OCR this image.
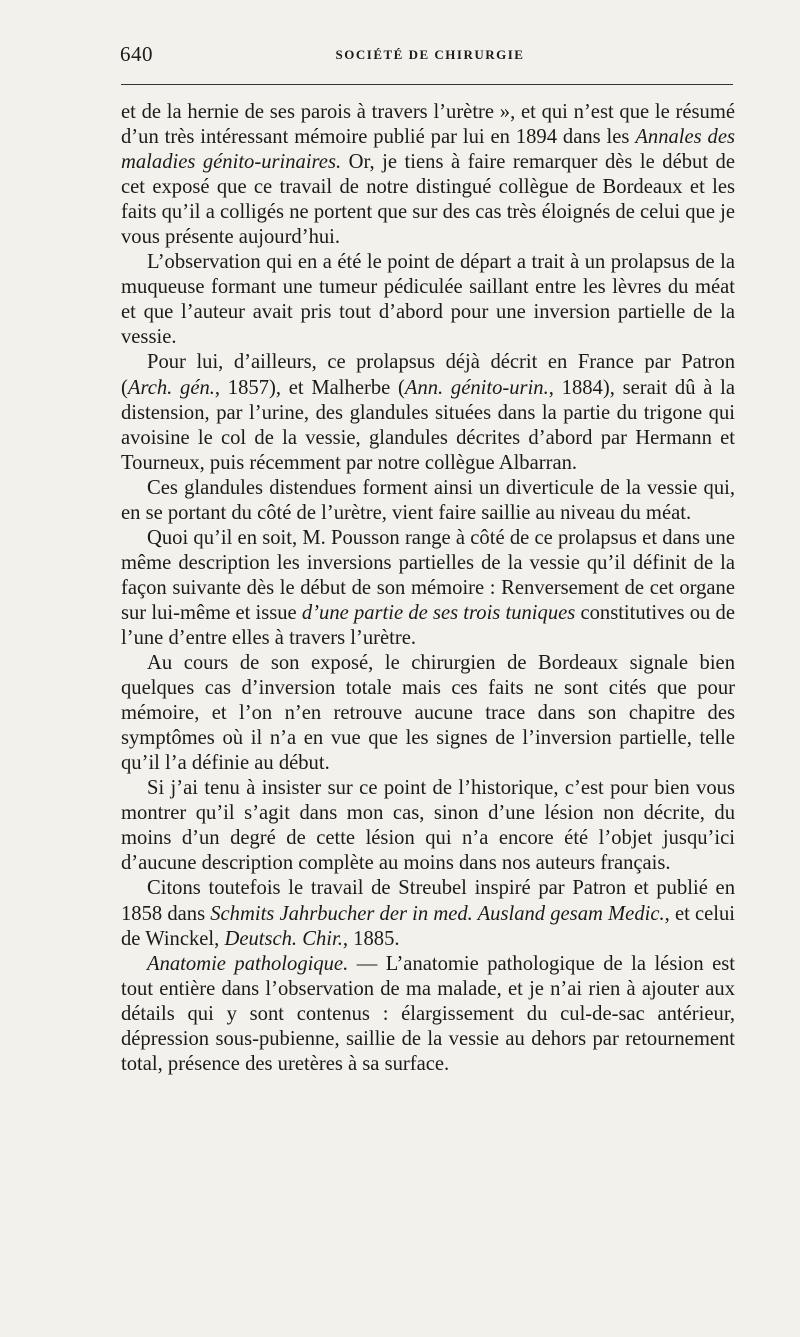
640	SOCIÉTÉ DE CHIRURGIE

et de la hernie de ses parois à travers l’urètre », et qui n’est que le résumé d’un très intéressant mémoire publié par lui en 1894 dans les Annales des maladies génito-urinaires. Or, je tiens à faire remarquer dès le début de cet exposé que ce travail de notre distingué collègue de Bordeaux et les faits qu’il a colligés ne portent que sur des cas très éloignés de celui que je vous présente aujourd’hui.

L’observation qui en a été le point de départ a trait à un prolapsus de la muqueuse formant une tumeur pédiculée saillant entre les lèvres du méat et que l’auteur avait pris tout d’abord pour une inversion partielle de la vessie.

Pour lui, d’ailleurs, ce prolapsus déjà décrit en France par Patron (Arch. gén., 1857), et Malherbe (Ann. génito-urin., 1884), serait dû à la distension, par l’urine, des glandules situées dans la partie du trigone qui avoisine le col de la vessie, glandules décrites d’abord par Hermann et Tourneux, puis récemment par notre collègue Albarran.

Ces glandules distendues forment ainsi un diverticule de la vessie qui, en se portant du côté de l’urètre, vient faire saillie au niveau du méat.

Quoi qu’il en soit, M. Pousson range à côté de ce prolapsus et dans une même description les inversions partielles de la vessie qu’il définit de la façon suivante dès le début de son mémoire : Renversement de cet organe sur lui-même et issue d’une partie de ses trois tuniques constitutives ou de l’une d’entre elles à travers l’urètre.

Au cours de son exposé, le chirurgien de Bordeaux signale bien quelques cas d’inversion totale mais ces faits ne sont cités que pour mémoire, et l’on n’en retrouve aucune trace dans son chapitre des symptômes où il n’a en vue que les signes de l’inversion partielle, telle qu’il l’a définie au début.

Si j’ai tenu à insister sur ce point de l’historique, c’est pour bien vous montrer qu’il s’agit dans mon cas, sinon d’une lésion non décrite, du moins d’un degré de cette lésion qui n’a encore été l’objet jusqu’ici d’aucune description complète au moins dans nos auteurs français.

Citons toutefois le travail de Streubel inspiré par Patron et publié en 1858 dans Schmits Jahrbucher der in med. Ausland gesam Medic., et celui de Winckel, Deutsch. Chir., 1885.

Anatomie pathologique. — L’anatomie pathologique de la lésion est tout entière dans l’observation de ma malade, et je n’ai rien à ajouter aux détails qui y sont contenus : élargissement du cul-de-sac antérieur, dépression sous-pubienne, saillie de la vessie au dehors par retournement total, présence des uretères à sa surface.
